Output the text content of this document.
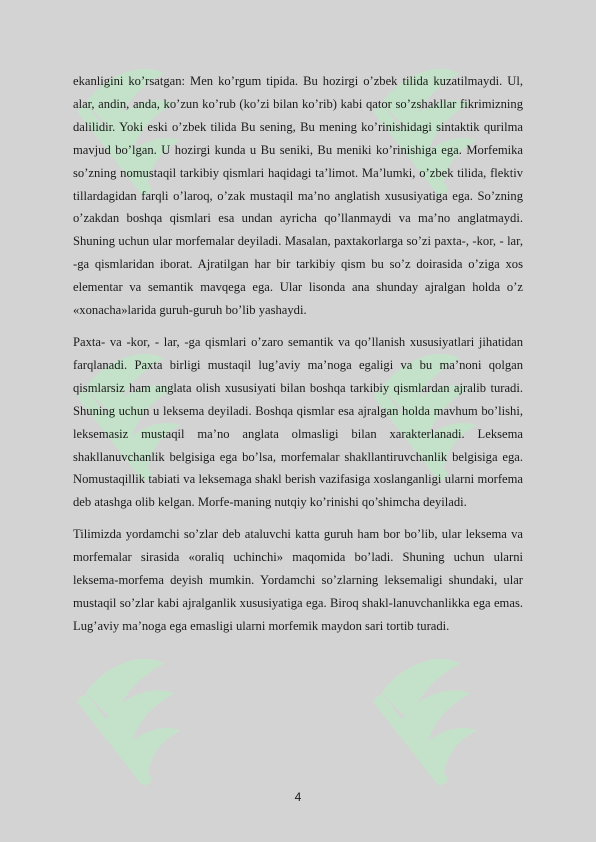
ekanligini ko’rsatgan: Men ko’rgum tipida. Bu hozirgi o’zbek tilida kuzatilmaydi. Ul, alar, andin, anda, ko’zun ko’rub (ko’zi bilan ko’rib) kabi qator so’zshakllar fikrimizning dalilidir. Yoki eski o’zbek tilida Bu sening, Bu mening ko’rinishidagi sintaktik qurilma mavjud bo’lgan. U hozirgi kunda u Bu seniki, Bu meniki ko’rinishiga ega. Morfemika so’zning nomustaqil tarkibiy qismlari haqidagi ta’limot. Ma’lumki, o’zbek tilida, flektiv tillardagidan farqli o’laroq, o’zak mustaqil ma’no anglatish xususiyatiga ega. So’zning o’zakdan boshqa qismlari esa undan ayricha qo’llanmaydi va ma’no anglatmaydi. Shuning uchun ular morfemalar deyiladi. Masalan, paxtakorlarga so’zi paxta-, -kor, - lar, -ga qismlaridan iborat. Ajratilgan har bir tarkibiy qism bu so’z doirasida o’ziga xos elementar va semantik mavqega ega. Ular lisonda ana shunday ajralgan holda o’z «xonacha»larida guruh-guruh bo’lib yashaydi.

Paxta- va -kor, - lar, -ga qismlari o’zaro semantik va qo’llanish xususiyatlari jihatidan farqlanadi. Paxta birligi mustaqil lug’aviy ma’noga egaligi va bu ma’noni qolgan qismlarsiz ham anglata olish xususiyati bilan boshqa tarkibiy qismlardan ajralib turadi. Shuning uchun u leksema deyiladi. Boshqa qismlar esa ajralgan holda mavhum bo’lishi, leksemasiz mustaqil ma’no anglata olmasligi bilan xarakterlanadi. Leksema shakllanuvchanlik belgisiga ega bo’lsa, morfemalar shakllantiruvchanlik belgisiga ega. Nomustaqillik tabiati va leksemaga shakl berish vazifasiga xoslanganligi ularni morfema deb atashga olib kelgan. Morfe-maning nutqiy ko’rinishi qo’shimcha deyiladi.

Tilimizda yordamchi so’zlar deb ataluvchi katta guruh ham bor bo’lib, ular leksema va morfemalar sirasida «oraliq uchinchi» maqomida bo’ladi. Shuning uchun ularni leksema-morfema deyish mumkin. Yordamchi so’zlarning leksemaligi shundaki, ular mustaqil so’zlar kabi ajralganlik xususiyatiga ega. Biroq shakl-lanuvchanlikka ega emas. Lug’aviy ma’noga ega emasligi ularni morfemik maydon sari tortib turadi.

4
